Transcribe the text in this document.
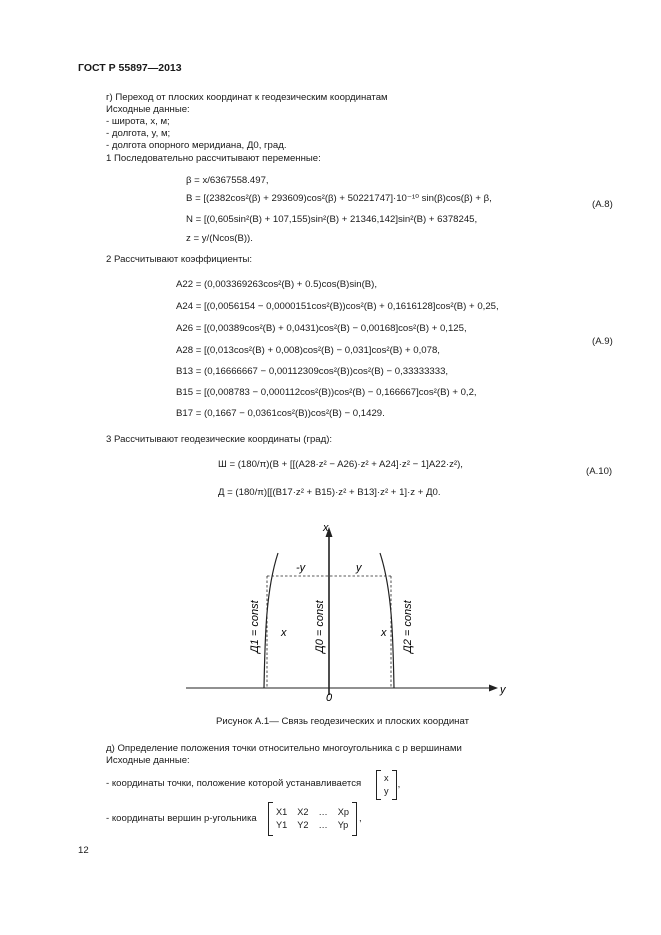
ГОСТ Р 55897—2013
г) Переход от плоских координат к геодезическим координатам
Исходные данные:
- широта, x, м;
- долгота, y, м;
- долгота опорного меридиана, Д0, град.
1 Последовательно рассчитывают переменные:
β = x/6367558.497,
B = [(2382cos²(β) + 293609)cos²(β) + 50221747]·10⁻¹⁰ sin(β)cos(β) + β,
N = [(0,605sin²(B) + 107,155)sin²(B) + 21346,142]sin²(B) + 6378245,
z = y/(Ncos(B)).
(А.8)
2 Рассчитывают коэффициенты:
A22 = (0,003369263cos²(B) + 0.5)cos(B)sin(B),
A24 = [(0,0056154 − 0,0000151cos²(B))cos²(B) + 0,1616128]cos²(B) + 0,25,
A26 = [(0,00389cos²(B) + 0,0431)cos²(B) − 0,00168]cos²(B) + 0,125,
A28 = [(0,013cos²(B) + 0,008)cos²(B) − 0,031]cos²(B) + 0,078,
B13 = (0,16666667 − 0,00112309cos²(B))cos²(B) − 0,33333333,
B15 = [(0,008783 − 0,000112cos²(B))cos²(B) − 0,166667]cos²(B) + 0,2,
B17 = (0,1667 − 0,0361cos²(B))cos²(B) − 0,1429.
(А.9)
3 Рассчитывают геодезические координаты (град):
Ш = (180/π)(B + [[(A28·z² − A26)·z² + A24]·z² − 1]A22·z²),
Д = (180/π)[[(B17·z² + B15)·z² + B13]·z² + 1]·z + Д0.
(А.10)
x
y
0
-y	y
x	x
Д0 = const
Д1 = const	Д2 = const
Рисунок А.1— Связь геодезических и плоских координат
д) Определение положения точки относительно многоугольника с p вершинами
Исходные данные:
- координаты точки, положение которой устанавливается x
y
,
- координаты вершин p-угольника
X1 X2 … Xp
Y1 Y2 … Yp
,
12
